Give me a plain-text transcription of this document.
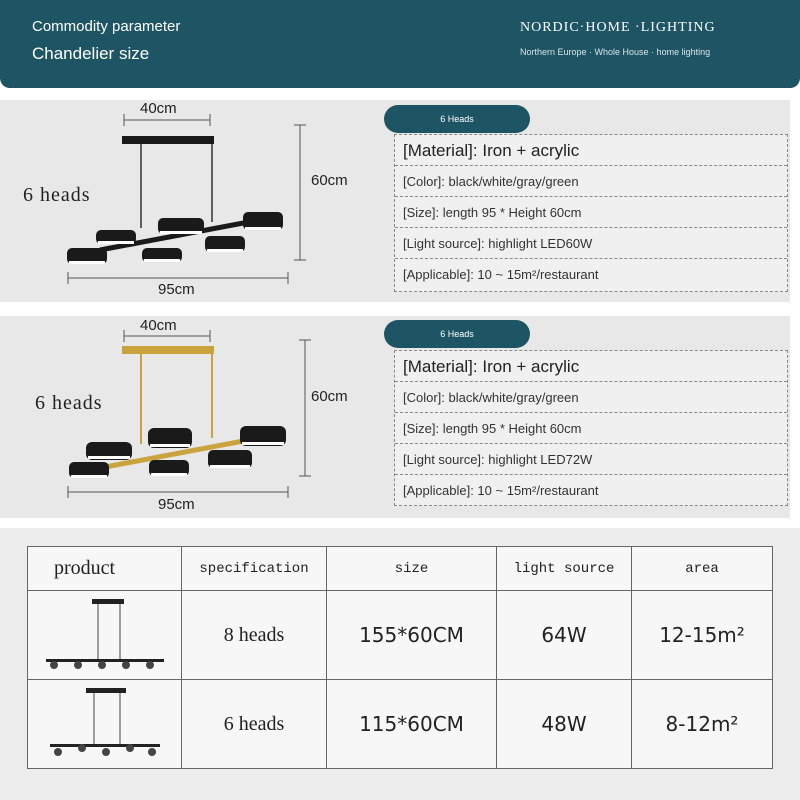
Commodity parameter
Chandelier size
NORDIC·HOME ·LIGHTING
Northern Europe · Whole House · home lighting
40cm
60cm
95cm
6 heads
6 Heads
[Material]: Iron + acrylic
[Color]: black/white/gray/green
[Size]: length 95 * Height 60cm
[Light source]: highlight LED60W
[Applicable]: 10 ~ 15m²/restaurant
40cm
60cm
95cm
6 heads
6 Heads
[Material]: Iron + acrylic
[Color]: black/white/gray/green
[Size]: length 95 * Height 60cm
[Light source]: highlight LED72W
[Applicable]: 10 ~ 15m²/restaurant
product	specification	size	light source	area
	8 heads	155*60CM	64W	12-15m²
	6 heads	115*60CM	48W	8-12m²
